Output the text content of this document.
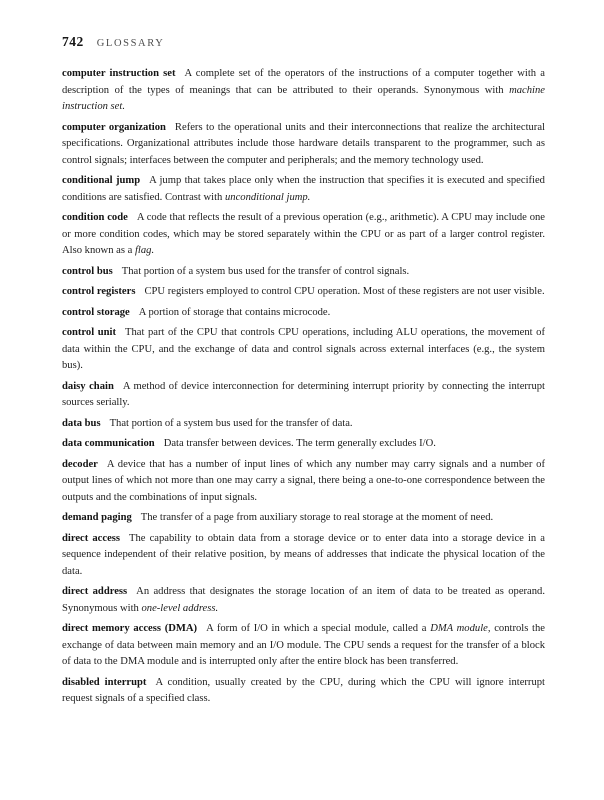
742 GLOSSARY

computer instruction set A complete set of the operators of the instructions of a computer together with a description of the types of meanings that can be attributed to their operands. Synonymous with machine instruction set.

computer organization Refers to the operational units and their interconnections that realize the architectural specifications. Organizational attributes include those hardware details transparent to the programmer, such as control signals; interfaces between the computer and peripherals; and the memory technology used.

conditional jump A jump that takes place only when the instruction that specifies it is executed and specified conditions are satisfied. Contrast with unconditional jump.

condition code A code that reflects the result of a previous operation (e.g., arithmetic). A CPU may include one or more condition codes, which may be stored separately within the CPU or as part of a larger control register. Also known as a flag.

control bus That portion of a system bus used for the transfer of control signals.

control registers CPU registers employed to control CPU operation. Most of these registers are not user visible.

control storage A portion of storage that contains microcode.

control unit That part of the CPU that controls CPU operations, including ALU operations, the movement of data within the CPU, and the exchange of data and control signals across external interfaces (e.g., the system bus).

daisy chain A method of device interconnection for determining interrupt priority by connecting the interrupt sources serially.

data bus That portion of a system bus used for the transfer of data.

data communication Data transfer between devices. The term generally excludes I/O.

decoder A device that has a number of input lines of which any number may carry signals and a number of output lines of which not more than one may carry a signal, there being a one-to-one correspondence between the outputs and the combinations of input signals.

demand paging The transfer of a page from auxiliary storage to real storage at the moment of need.

direct access The capability to obtain data from a storage device or to enter data into a storage device in a sequence independent of their relative position, by means of addresses that indicate the physical location of the data.

direct address An address that designates the storage location of an item of data to be treated as operand. Synonymous with one-level address.

direct memory access (DMA) A form of I/O in which a special module, called a DMA module, controls the exchange of data between main memory and an I/O module. The CPU sends a request for the transfer of a block of data to the DMA module and is interrupted only after the entire block has been transferred.

disabled interrupt A condition, usually created by the CPU, during which the CPU will ignore interrupt request signals of a specified class.
